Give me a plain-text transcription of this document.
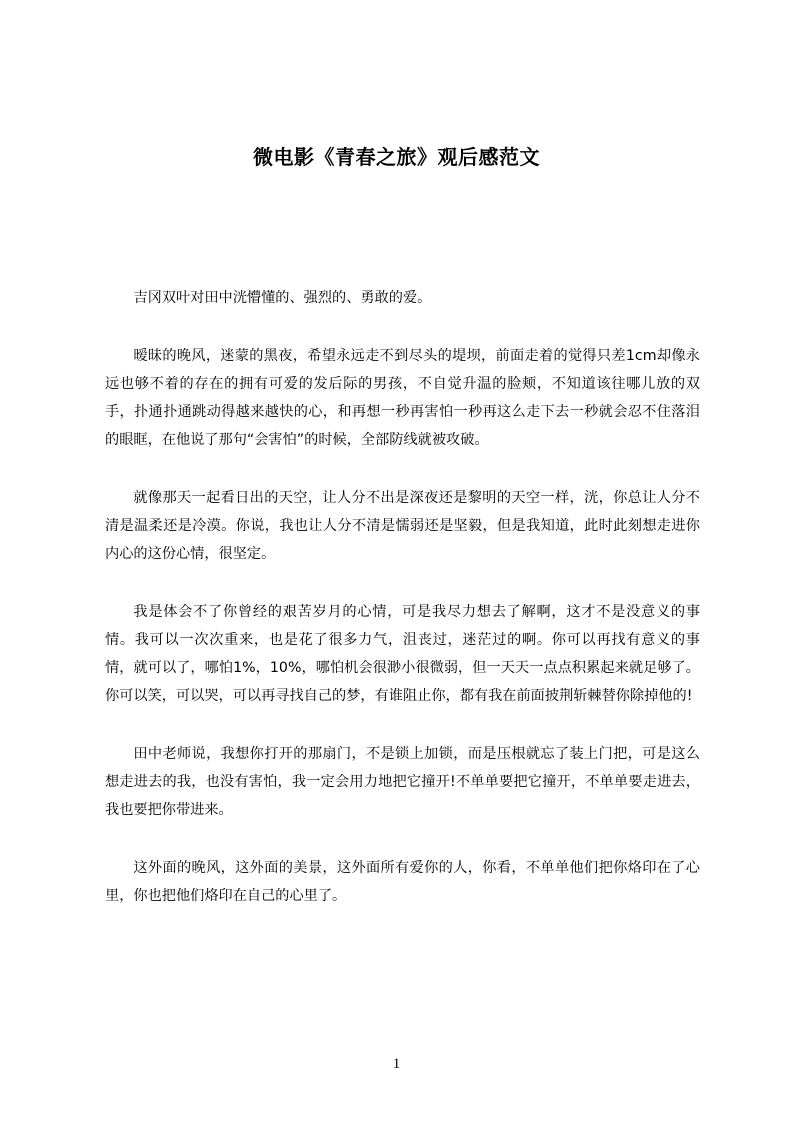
微电影《青春之旅》观后感范文

吉冈双叶对田中洸懵懂的、强烈的、勇敢的爱。

暧昧的晚风，迷蒙的黑夜，希望永远走不到尽头的堤坝，前面走着的觉得只差1cm却像永远也够不着的存在的拥有可爱的发后际的男孩，不自觉升温的脸颊，不知道该往哪儿放的双手，扑通扑通跳动得越来越快的心，和再想一秒再害怕一秒再这么走下去一秒就会忍不住落泪的眼眶，在他说了那句“会害怕”的时候，全部防线就被攻破。

就像那天一起看日出的天空，让人分不出是深夜还是黎明的天空一样，洸，你总让人分不清是温柔还是冷漠。你说，我也让人分不清是懦弱还是坚毅，但是我知道，此时此刻想走进你内心的这份心情，很坚定。

我是体会不了你曾经的艰苦岁月的心情，可是我尽力想去了解啊，这才不是没意义的事情。我可以一次次重来，也是花了很多力气，沮丧过，迷茫过的啊。你可以再找有意义的事情，就可以了，哪怕1%，10%，哪怕机会很渺小很微弱，但一天天一点点积累起来就足够了。你可以笑，可以哭，可以再寻找自己的梦，有谁阻止你，都有我在前面披荆斩棘替你除掉他的!

田中老师说，我想你打开的那扇门，不是锁上加锁，而是压根就忘了装上门把，可是这么想走进去的我，也没有害怕，我一定会用力地把它撞开!不单单要把它撞开，不单单要走进去，我也要把你带进来。

这外面的晚风，这外面的美景，这外面所有爱你的人，你看，不单单他们把你烙印在了心里，你也把他们烙印在自己的心里了。

1
